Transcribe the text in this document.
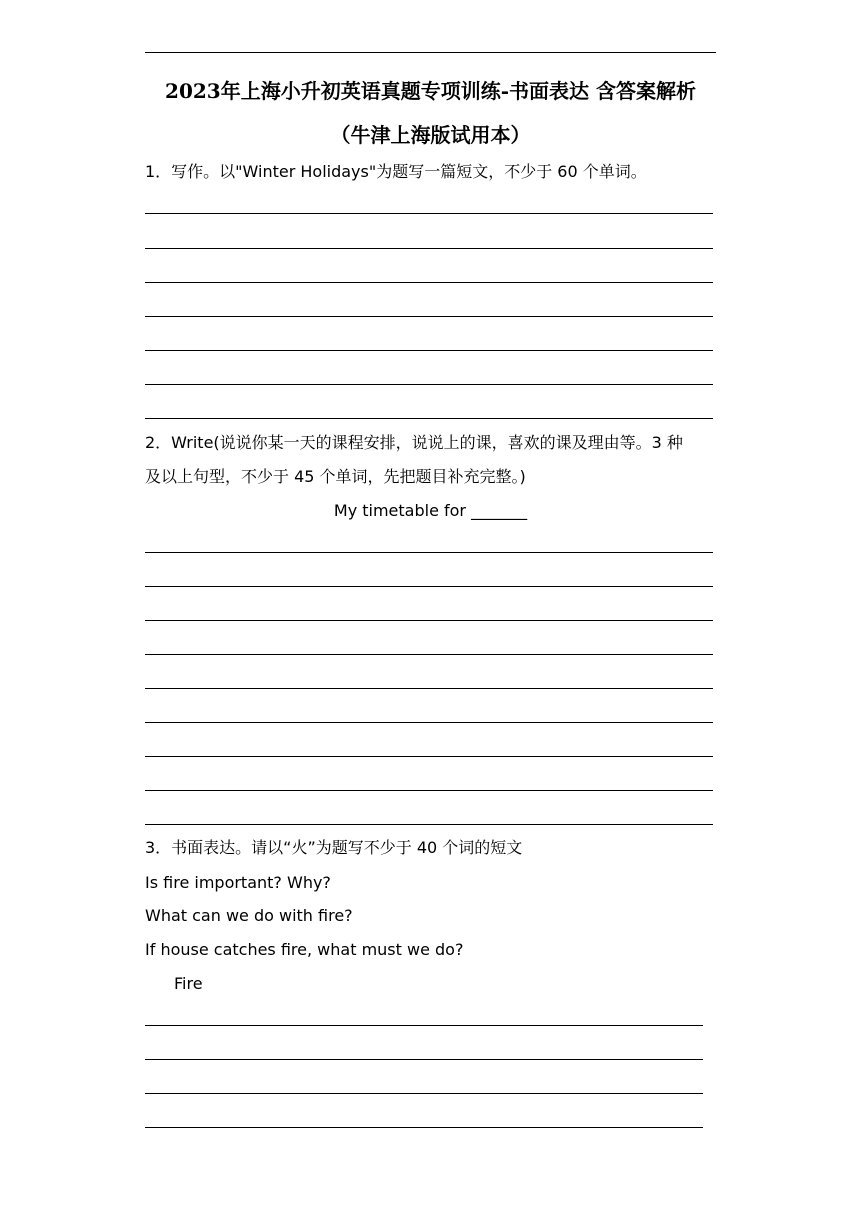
2023年上海小升初英语真题专项训练-书面表达 含答案解析
（牛津上海版试用本）
1．写作。以"Winter Holidays"为题写一篇短文，不少于 60 个单词。
2．Write(说说你某一天的课程安排，说说上的课，喜欢的课及理由等。3 种
及以上句型，不少于 45 个单词，先把题目补充完整。)
My timetable for _______
3．书面表达。请以“火”为题写不少于 40 个词的短文
Is fire important? Why?
What can we do with fire?
If house catches fire, what must we do?
Fire
